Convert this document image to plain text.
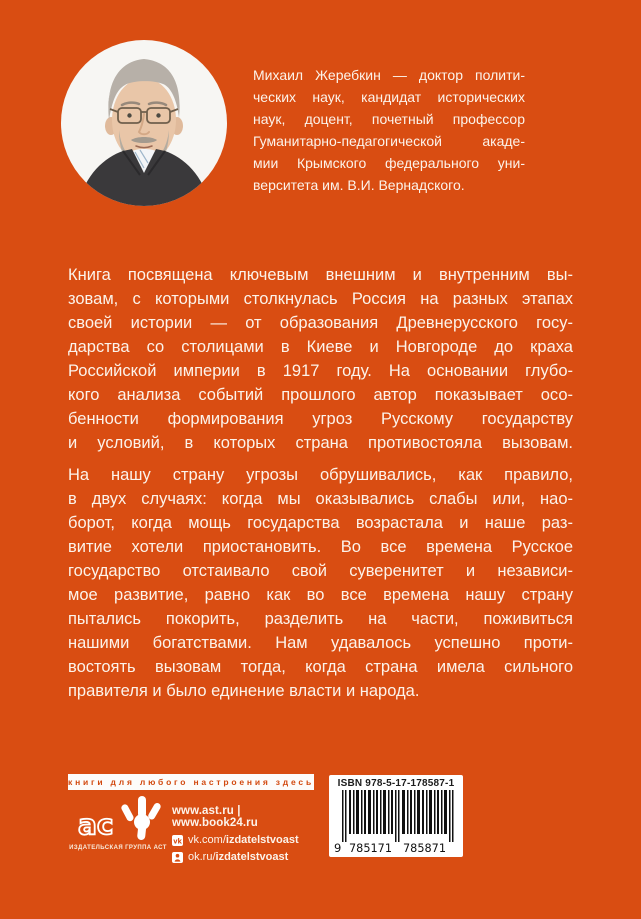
Михаил Жеребкин — доктор полити-
ческих наук, кандидат исторических
наук, доцент, почетный профессор
Гуманитарно-педагогической акаде-
мии Крымского федерального уни-
верситета им. В.И. Вернадского.
Книга посвящена ключевым внешним и внутренним вы-
зовам, с которыми столкнулась Россия на разных этапах
своей истории — от образования Древнерусского госу-
дарства со столицами в Киеве и Новгороде до краха
Российской империи в 1917 году. На основании глубо-
кого анализа событий прошлого автор показывает осо-
бенности формирования угроз Русскому государству
и условий, в которых страна противостояла вызовам.
На нашу страну угрозы обрушивались, как правило,
в двух случаях: когда мы оказывались слабы или, нао-
борот, когда мощь государства возрастала и наше раз-
витие хотели приостановить. Во все времена Русское
государство отстаивало свой суверенитет и независи-
мое развитие, равно как во все времена нашу страну
пытались покорить, разделить на части, поживиться
нашими богатствами. Нам удавалось успешно проти-
востоять вызовам тогда, когда страна имела сильного
правителя и было единение власти и народа.
книги для любого настроения здесь
ас
ИЗДАТЕЛЬСКАЯ ГРУППА АСТ
www.ast.ru | www.book24.ru
vk vk.com/izdatelstvoast
ok.ru/izdatelstvoast
ISBN 978-5-17-178587-1
9 785171 785871
